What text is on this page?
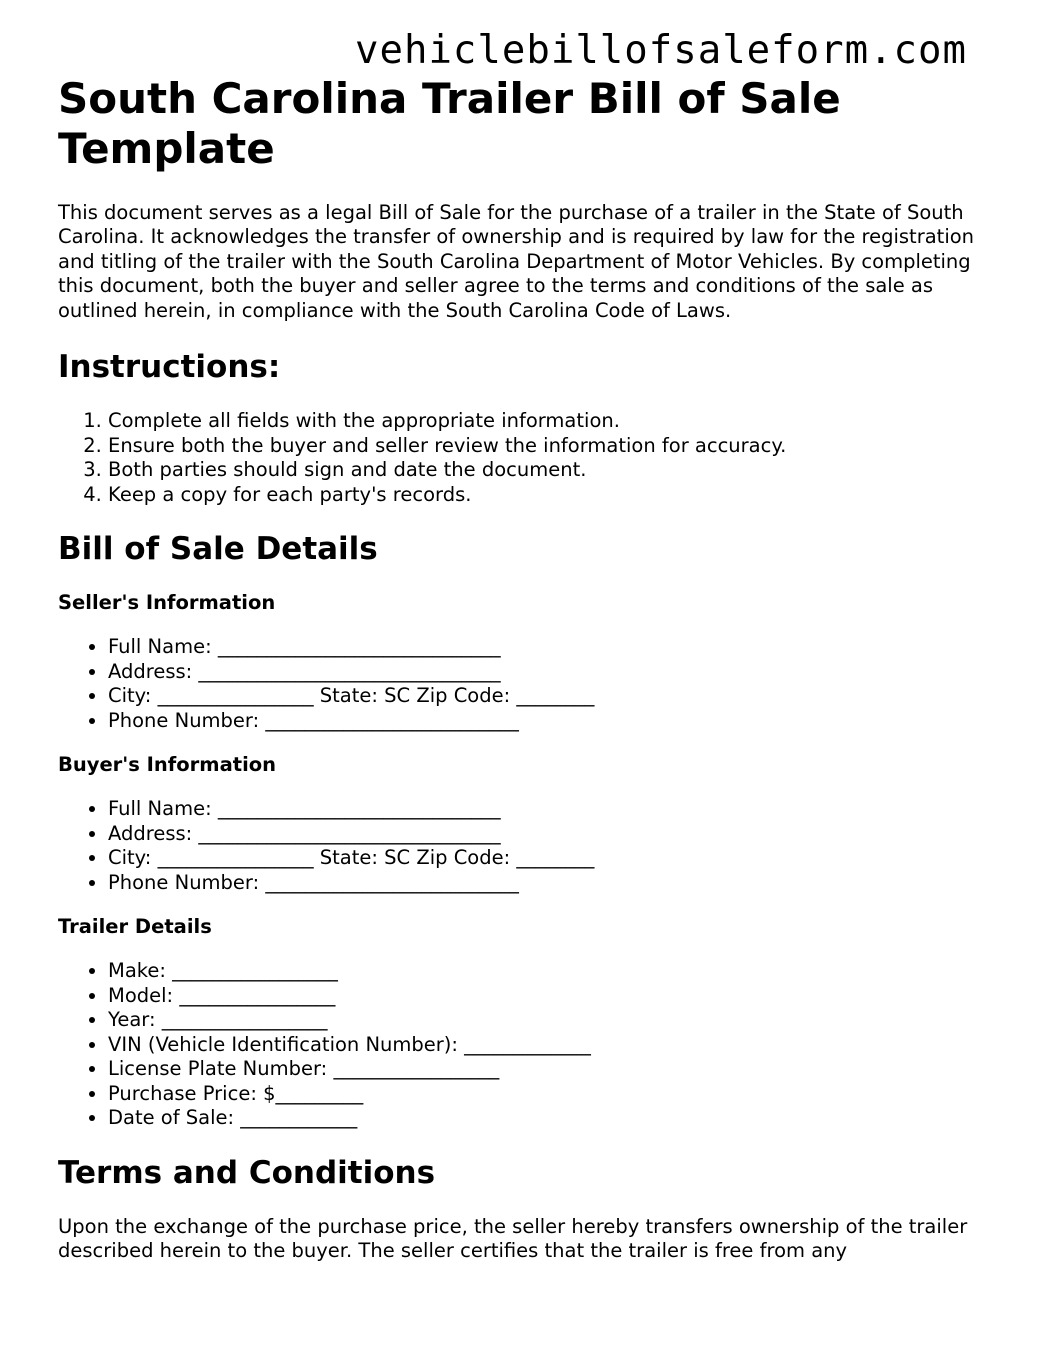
vehiclebillofsaleform.com
South Carolina Trailer Bill of Sale Template

This document serves as a legal Bill of Sale for the purchase of a trailer in the State of South Carolina. It acknowledges the transfer of ownership and is required by law for the registration and titling of the trailer with the South Carolina Department of Motor Vehicles. By completing this document, both the buyer and seller agree to the terms and conditions of the sale as outlined herein, in compliance with the South Carolina Code of Laws.

Instructions:
1. Complete all fields with the appropriate information.
2. Ensure both the buyer and seller review the information for accuracy.
3. Both parties should sign and date the document.
4. Keep a copy for each party's records.
Bill of Sale Details
Seller's Information
• Full Name: _____________________________
• Address: _______________________________
• City: ________________ State: SC Zip Code: ________
• Phone Number: __________________________
Buyer's Information
• Full Name: _____________________________
• Address: _______________________________
• City: ________________ State: SC Zip Code: ________
• Phone Number: __________________________
Trailer Details
• Make: _________________
• Model: ________________
• Year: _________________
• VIN (Vehicle Identification Number): _____________
• License Plate Number: _________________
• Purchase Price: $_________
• Date of Sale: ____________
Terms and Conditions

Upon the exchange of the purchase price, the seller hereby transfers ownership of the trailer described herein to the buyer. The seller certifies that the trailer is free from any
